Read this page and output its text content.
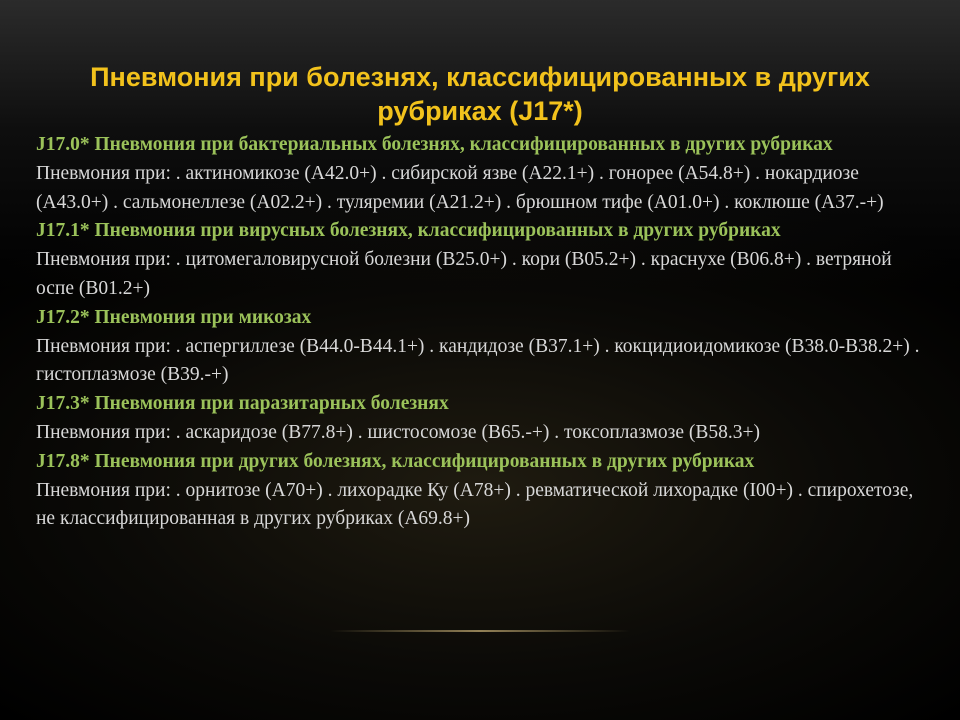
Пневмония при болезнях, классифицированных в других рубриках (J17*)
J17.0* Пневмония при бактериальных болезнях, классифицированных в других рубриках
Пневмония при: . актиномикозе (A42.0+) . сибирской язве (A22.1+) . гонорее (A54.8+) . нокардиозе (A43.0+) . сальмонеллезе (A02.2+) . туляремии (A21.2+) . брюшном тифе (A01.0+) . коклюше (A37.-+)
J17.1* Пневмония при вирусных болезнях, классифицированных в других рубриках
Пневмония при: . цитомегаловирусной болезни (B25.0+) . кори (B05.2+) . краснухе (B06.8+) . ветряной оспе (B01.2+)
J17.2* Пневмония при микозах
Пневмония при: . аспергиллезе (B44.0-B44.1+) . кандидозе (B37.1+) . кокцидиоидомикозе (B38.0-B38.2+) . гистоплазмозе (B39.-+)
J17.3* Пневмония при паразитарных болезнях
Пневмония при: . аскаридозе (B77.8+) . шистосомозе (B65.-+) . токсоплазмозе (B58.3+)
J17.8* Пневмония при других болезнях, классифицированных в других рубриках
Пневмония при: . орнитозе (A70+) . лихорадке Ку (A78+) . ревматической лихорадке (I00+) . спирохетозе, не классифицированная в других рубриках (A69.8+)
